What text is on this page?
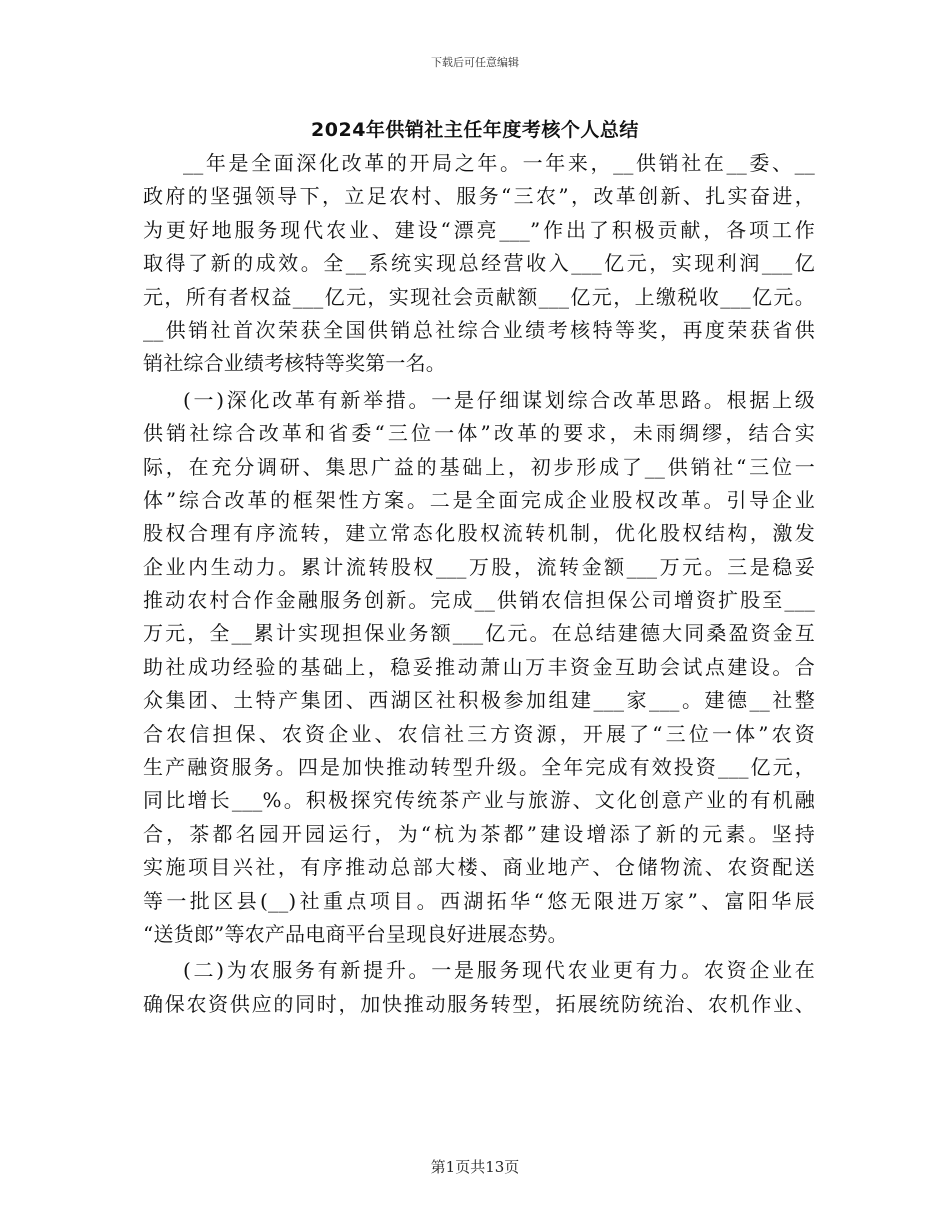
下载后可任意编辑
2024年供销社主任年度考核个人总结
__年是全面深化改革的开局之年。一年来，__供销社在__委、__
政府的坚强领导下，立足农村、服务“三农”，改革创新、扎实奋进，
为更好地服务现代农业、建设“漂亮___”作出了积极贡献，各项工作
取得了新的成效。全__系统实现总经营收入___亿元，实现利润___亿
元，所有者权益___亿元，实现社会贡献额___亿元，上缴税收___亿元。
__供销社首次荣获全国供销总社综合业绩考核特等奖，再度荣获省供
销社综合业绩考核特等奖第一名。
(一)深化改革有新举措。一是仔细谋划综合改革思路。根据上级
供销社综合改革和省委“三位一体”改革的要求，未雨绸缪，结合实
际，在充分调研、集思广益的基础上，初步形成了__供销社“三位一
体”综合改革的框架性方案。二是全面完成企业股权改革。引导企业
股权合理有序流转，建立常态化股权流转机制，优化股权结构，激发
企业内生动力。累计流转股权___万股，流转金额___万元。三是稳妥
推动农村合作金融服务创新。完成__供销农信担保公司增资扩股至___
万元，全__累计实现担保业务额___亿元。在总结建德大同桑盈资金互
助社成功经验的基础上，稳妥推动萧山万丰资金互助会试点建设。合
众集团、土特产集团、西湖区社积极参加组建___家___。建德__社整
合农信担保、农资企业、农信社三方资源，开展了“三位一体”农资
生产融资服务。四是加快推动转型升级。全年完成有效投资___亿元，
同比增长___%。积极探究传统茶产业与旅游、文化创意产业的有机融
合，茶都名园开园运行，为“杭为茶都”建设增添了新的元素。坚持
实施项目兴社，有序推动总部大楼、商业地产、仓储物流、农资配送
等一批区县(__)社重点项目。西湖拓华“悠无限进万家”、富阳华辰
“送货郎”等农产品电商平台呈现良好进展态势。
(二)为农服务有新提升。一是服务现代农业更有力。农资企业在
确保农资供应的同时，加快推动服务转型，拓展统防统治、农机作业、
第1页共13页
